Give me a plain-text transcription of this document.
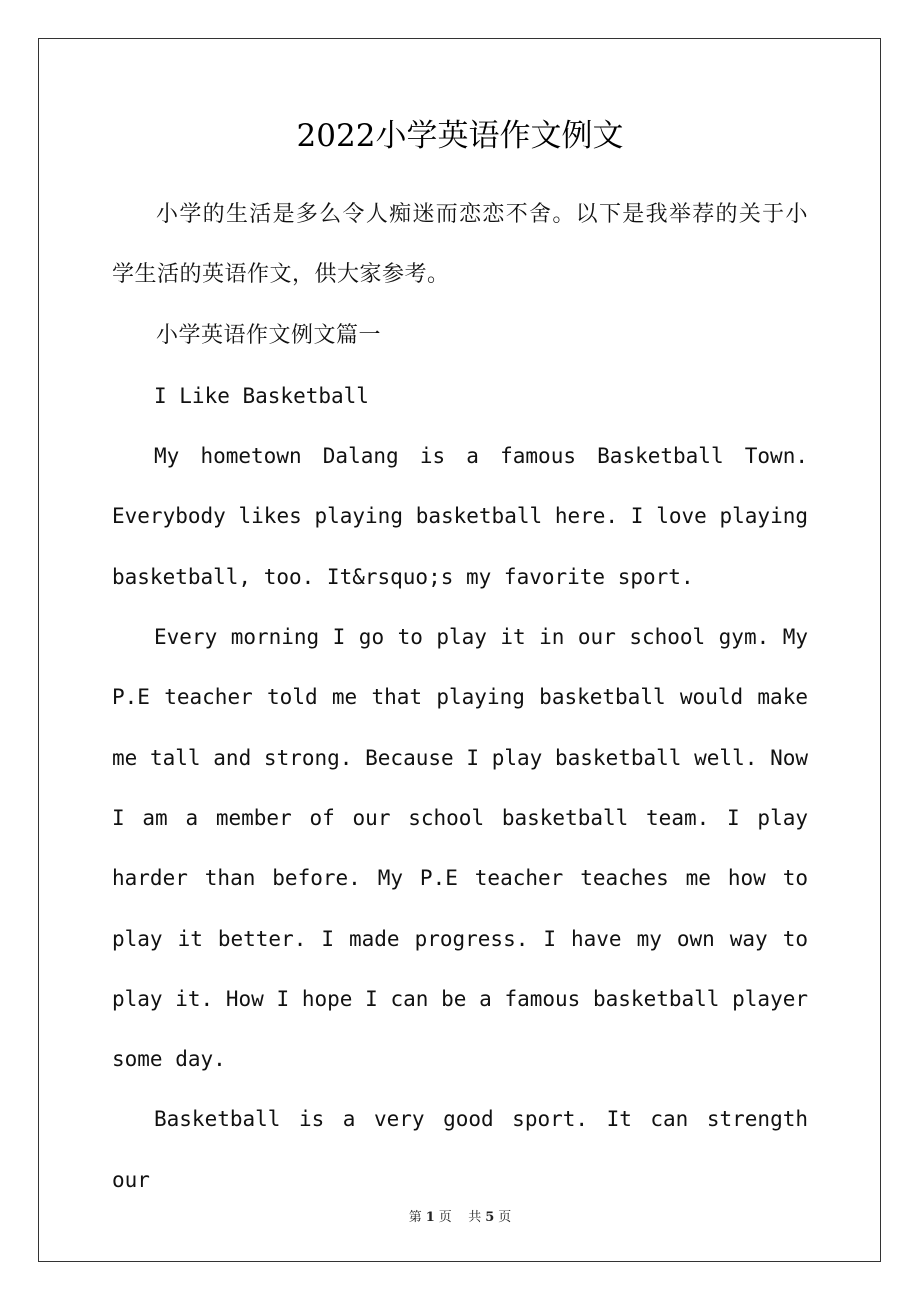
2022小学英语作文例文

小学的生活是多么令人痴迷而恋恋不舍。以下是我举荐的关于小学生活的英语作文，供大家参考。

小学英语作文例文篇一

I Like Basketball

My hometown Dalang is a famous Basketball Town. Everybody likes playing basketball here. I love playing basketball, too. It&rsquo;s my favorite sport.

Every morning I go to play it in our school gym. My P.E teacher told me that playing basketball would make me tall and strong. Because I play basketball well. Now I am a member of our school basketball team. I play harder than before. My P.E teacher teaches me how to play it better. I made progress. I have my own way to play it. How I hope I can be a famous basketball player some day.

Basketball is a very good sport. It can strength our

第 1 页 共 5 页
